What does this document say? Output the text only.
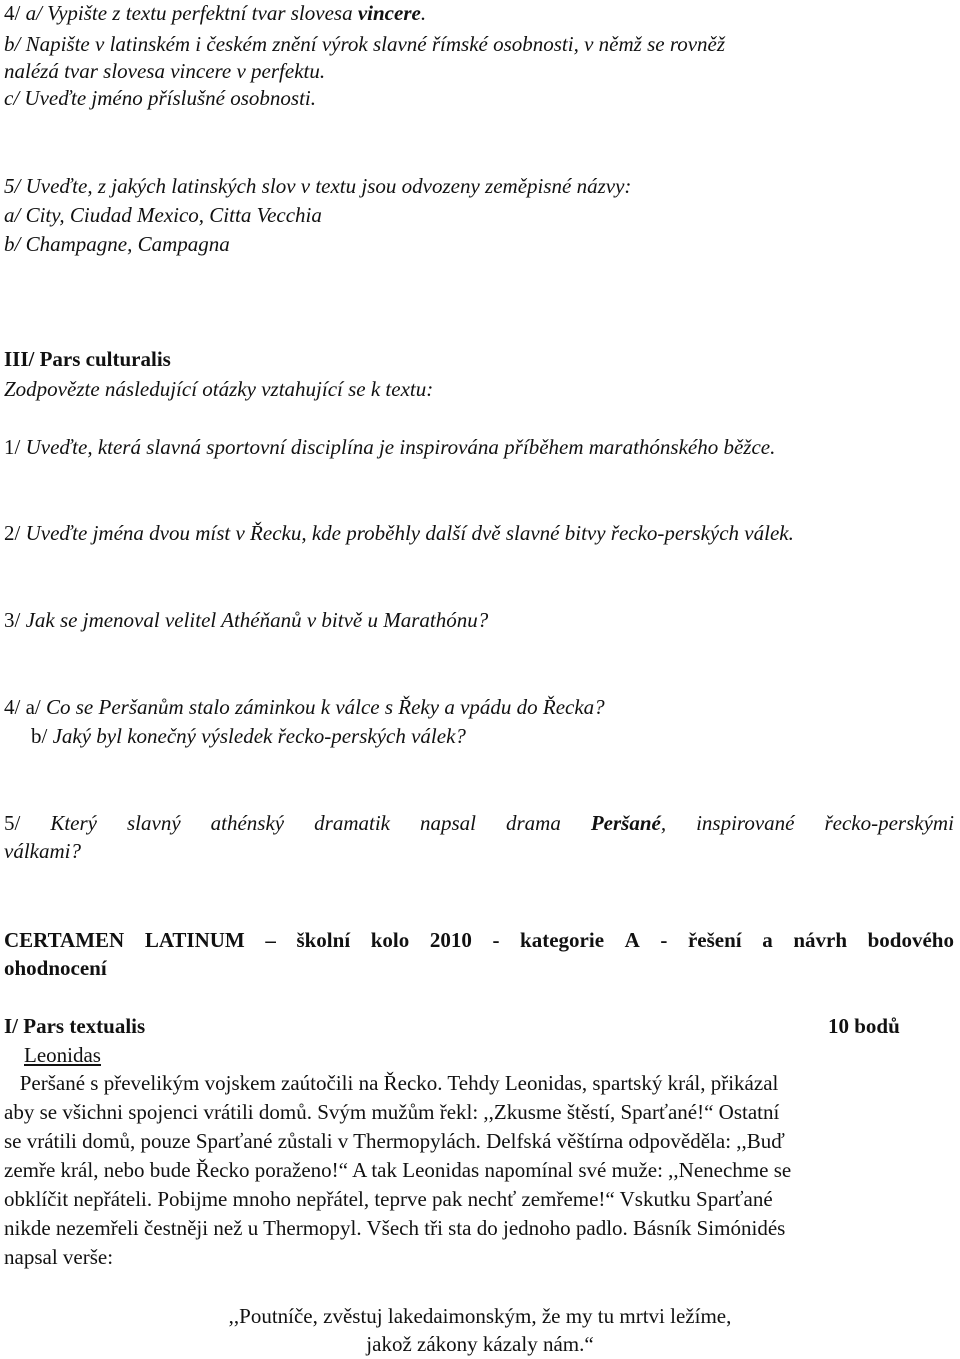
4/ a/ Vypište z textu perfektní tvar slovesa vincere.
b/ Napište v latinském i českém znění výrok slavné římské osobnosti, v němž se rovněž
nalézá tvar slovesa vincere v perfektu.
c/ Uveďte jméno příslušné osobnosti.
5/ Uveďte, z jakých latinských slov v textu jsou odvozeny zeměpisné názvy:
a/ City, Ciudad Mexico, Citta Vecchia
b/ Champagne, Campagna
III/ Pars culturalis
Zodpovězte následující otázky vztahující se k textu:
1/ Uveďte, která slavná sportovní disciplína je inspirována příběhem marathónského běžce.
2/ Uveďte jména dvou míst v Řecku, kde proběhly další dvě slavné bitvy řecko-perských válek.
3/ Jak se jmenoval velitel Athéňanů v bitvě u Marathónu?
4/ a/ Co se Peršanům stalo záminkou k válce s Řeky a vpádu do Řecka?
b/ Jaký byl konečný výsledek řecko-perských válek?
5/ Který slavný athénský dramatik napsal drama Peršané, inspirované řecko-perskými
válkami?
CERTAMEN LATINUM – školní kolo 2010 - kategorie A - řešení a návrh bodového
ohodnocení
I/ Pars textualis	10 bodů
Leonidas
Peršané s převelikým vojskem zaútočili na Řecko. Tehdy Leonidas, spartský král, přikázal
aby se všichni spojenci vrátili domů. Svým mužům řekl: ,,Zkusme štěstí, Sparťané!“ Ostatní
se vrátili domů, pouze Sparťané zůstali v Thermopylách. Delfská věštírna odpověděla: ,,Buď
zemře král, nebo bude Řecko poraženo!“ A tak Leonidas napomínal své muže: ,,Nenechme se
obklíčit nepřáteli. Pobijme mnoho nepřátel, teprve pak nechť zemřeme!“ Vskutku Sparťané
nikde nezemřeli čestněji než u Thermopyl. Všech tři sta do jednoho padlo. Básník Simónidés
napsal verše:
,,Poutníče, zvěstuj lakedaimonským, že my tu mrtvi ležíme,
jakož zákony kázaly nám.“
